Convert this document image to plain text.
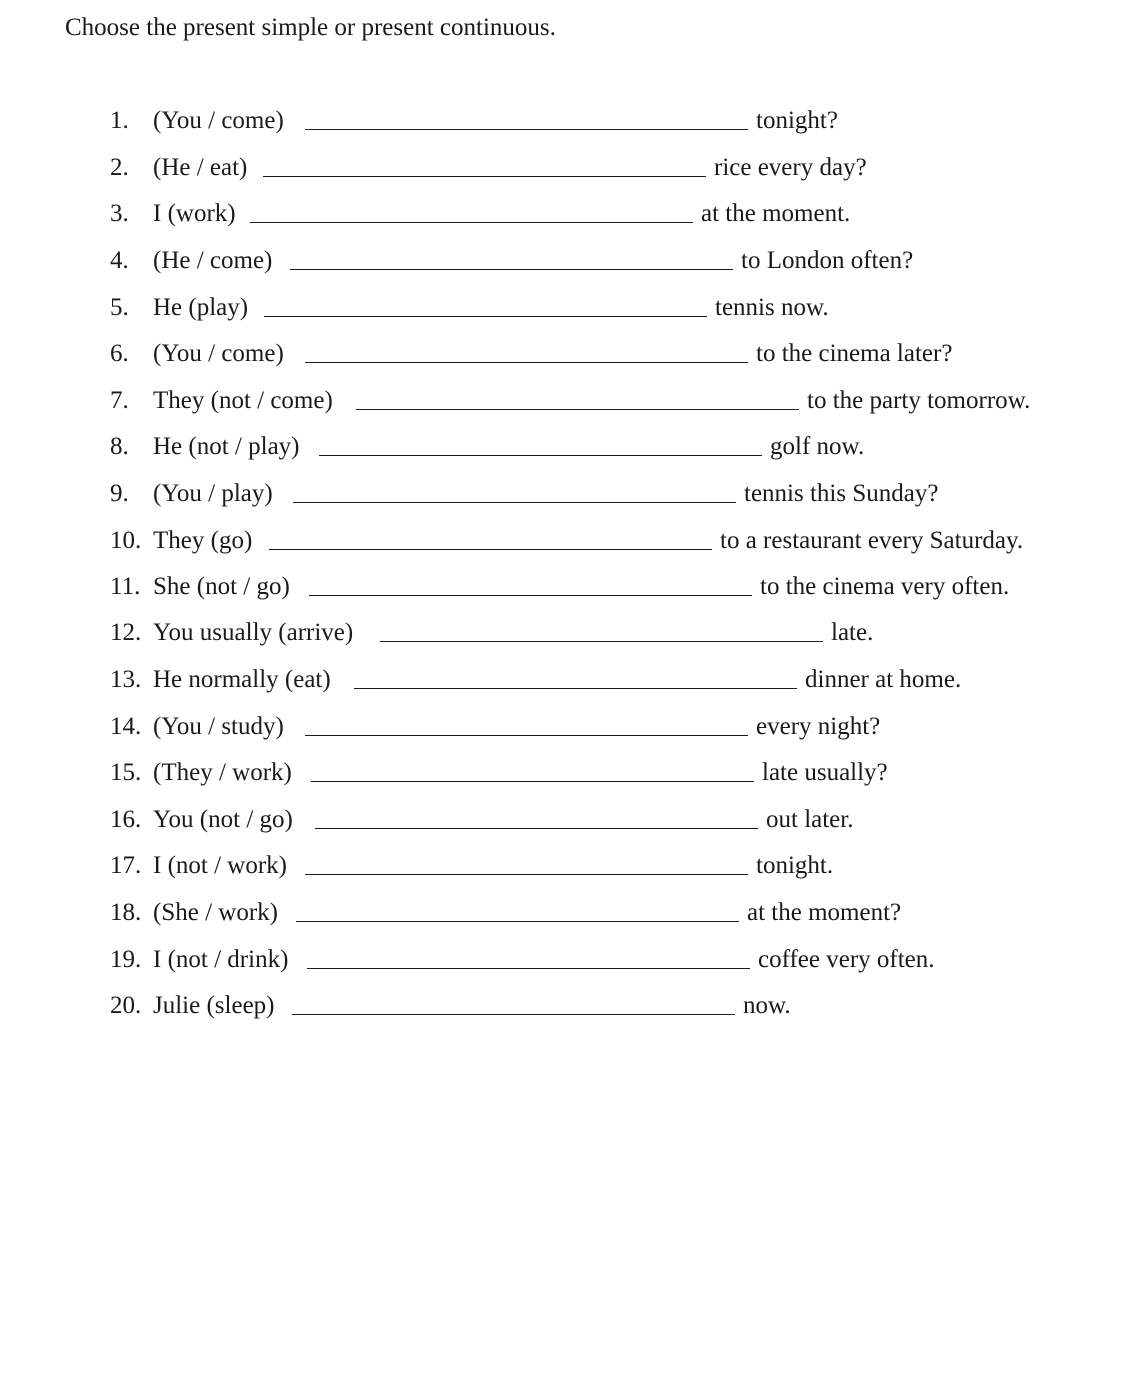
Choose the present simple or present continuous.
1. (You / come)	tonight?
2. (He / eat)	rice every day?
3. I (work)	at the moment.
4. (He / come)	to London often?
5. He (play)	tennis now.
6. (You / come)	to the cinema later?
7. They (not / come)	to the party tomorrow.
8. He (not / play)	golf now.
9. (You / play)	tennis this Sunday?
10. They (go)	to a restaurant every Saturday.
11. She (not / go)	to the cinema very often.
12. You usually (arrive)	late.
13. He normally (eat)	dinner at home.
14. (You / study)	every night?
15. (They / work)	late usually?
16. You (not / go)	out later.
17. I (not / work)	tonight.
18. (She / work)	at the moment?
19. I (not / drink)	coffee very often.
20. Julie (sleep)	now.
